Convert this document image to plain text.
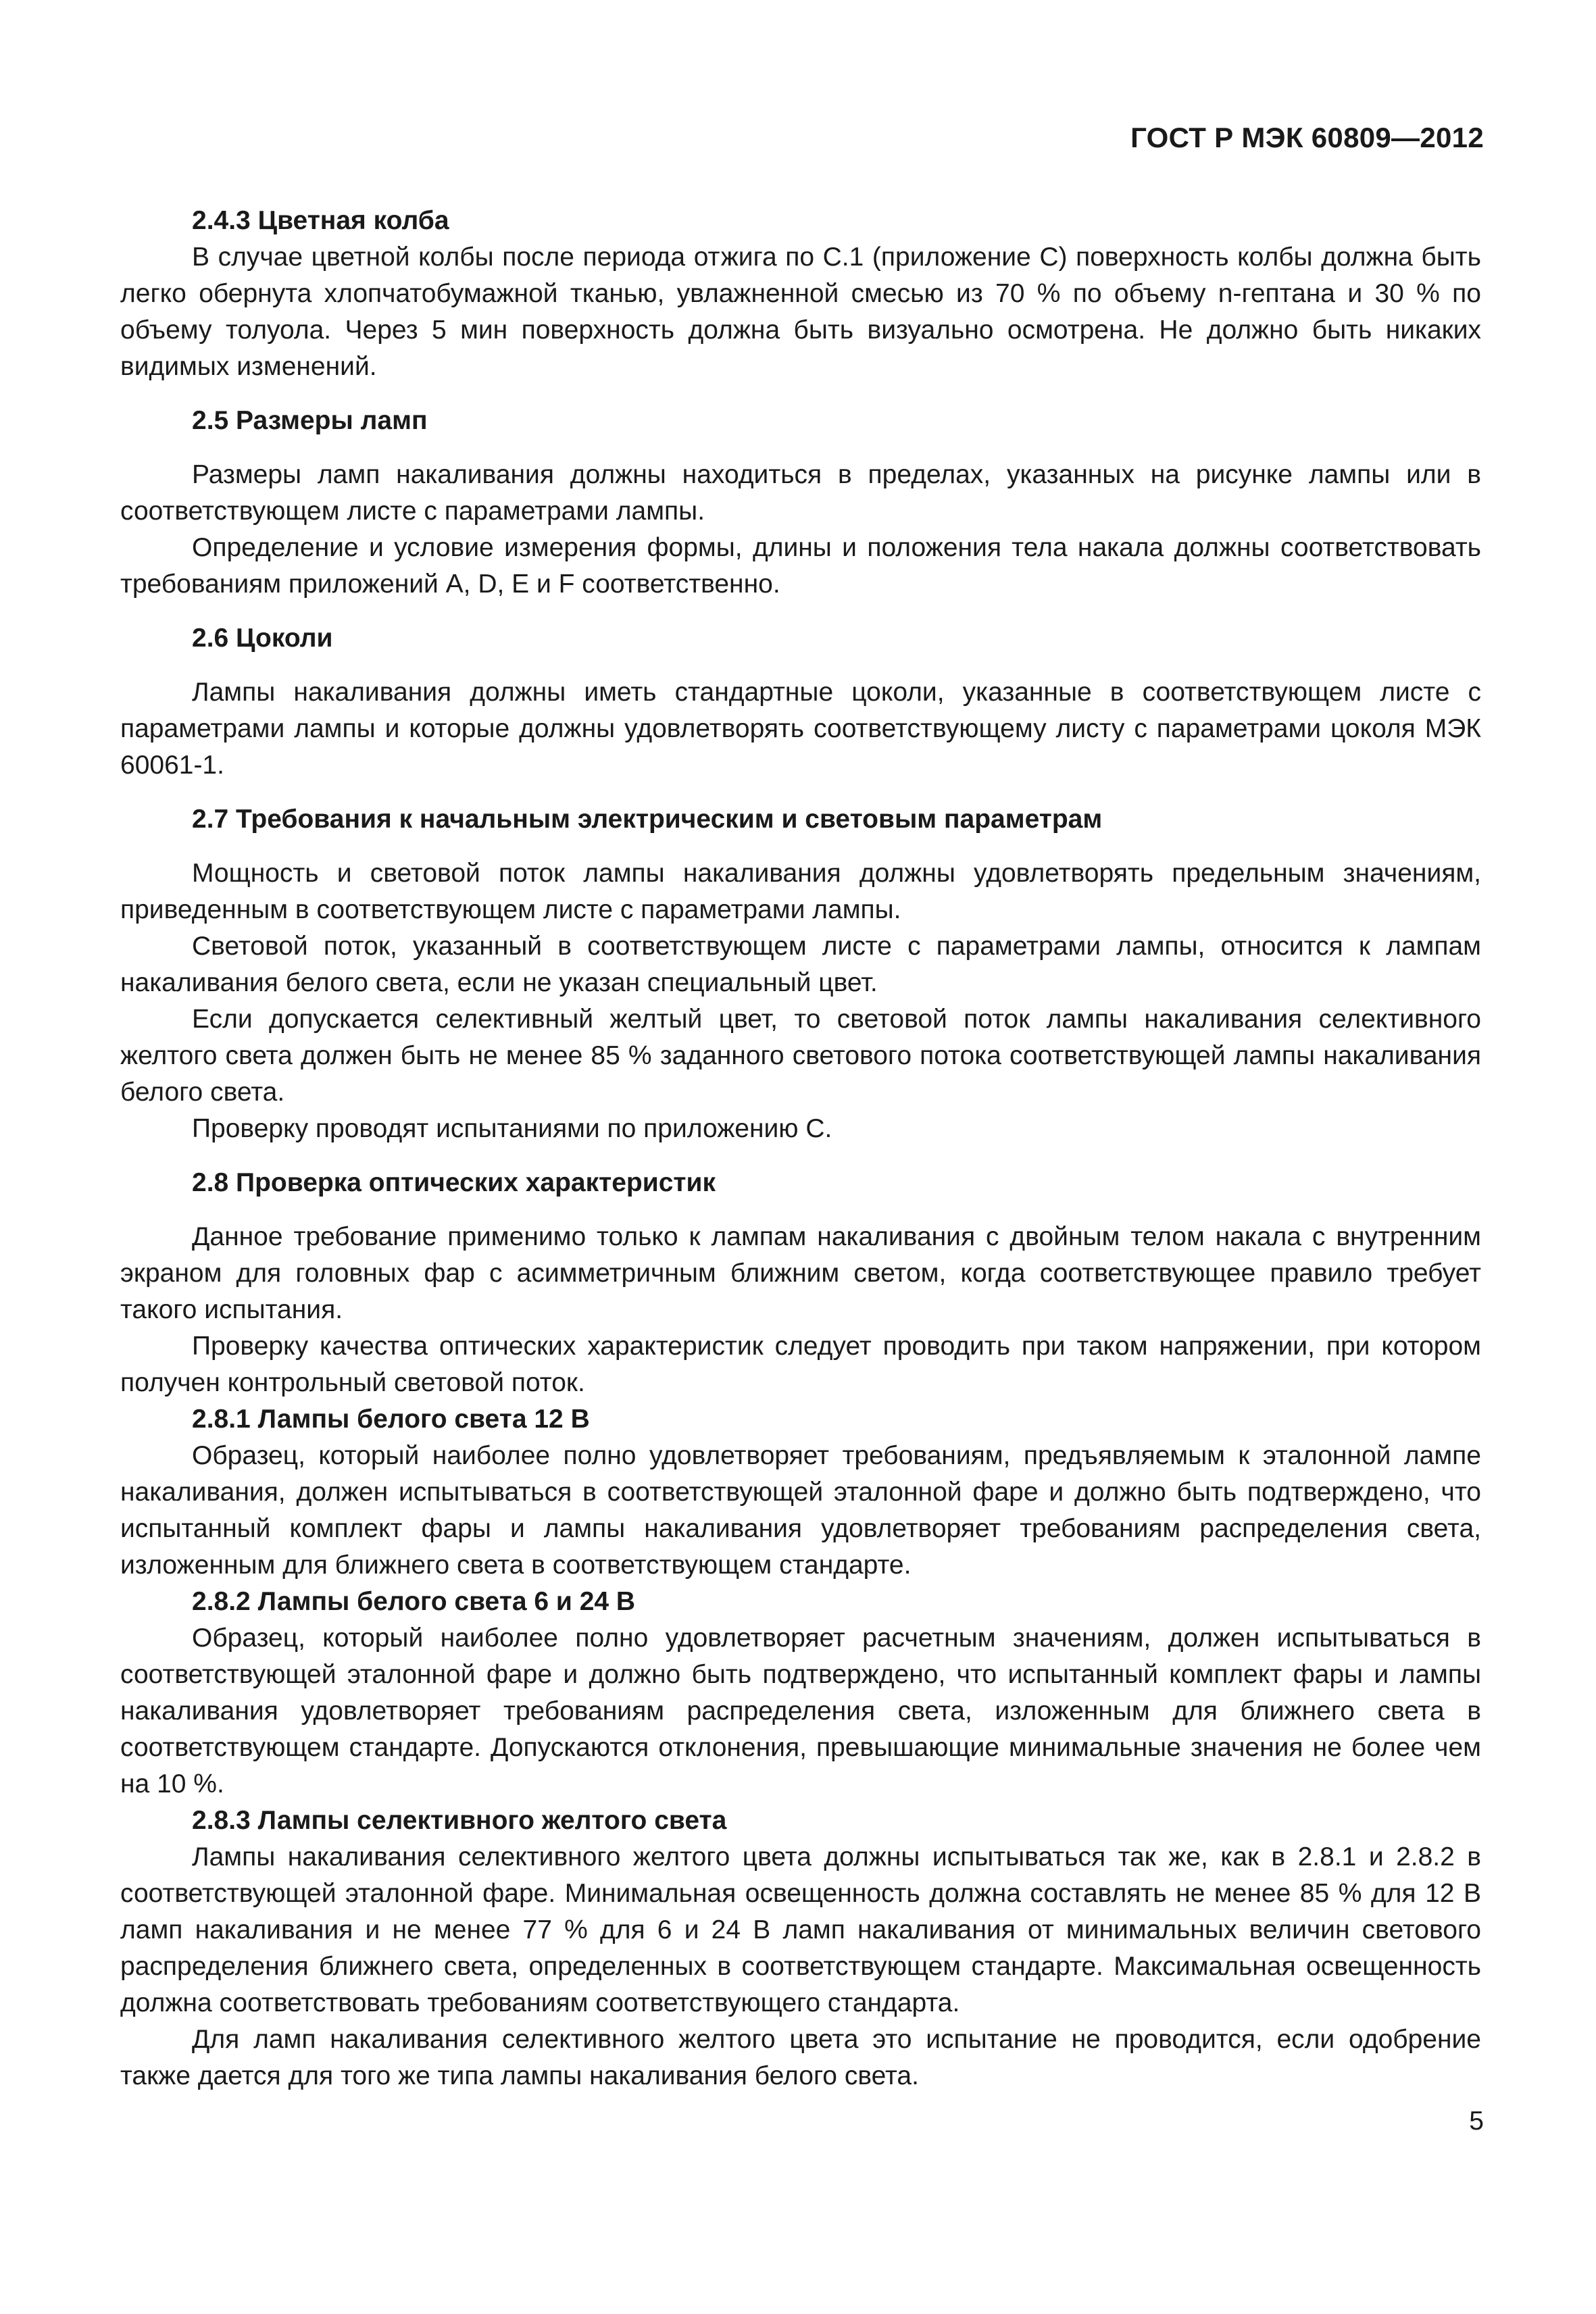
ГОСТ Р МЭК 60809—2012
2.4.3 Цветная колба

В случае цветной колбы после периода отжига по С.1 (приложение С) поверхность колбы должна быть легко обернута хлопчатобумажной тканью, увлажненной смесью из 70 % по объему n-гептана и 30 % по объему толуола. Через 5 мин поверхность должна быть визуально осмотрена. Не должно быть никаких видимых изменений.

2.5 Размеры ламп

Размеры ламп накаливания должны находиться в пределах, указанных на рисунке лампы или в соответствующем листе с параметрами лампы.

Определение и условие измерения формы, длины и положения тела накала должны соответствовать требованиям приложений A, D, E и F соответственно.

2.6 Цоколи

Лампы накаливания должны иметь стандартные цоколи, указанные в соответствующем листе с параметрами лампы и которые должны удовлетворять соответствующему листу с параметрами цоколя МЭК 60061-1.

2.7 Требования к начальным электрическим и световым параметрам

Мощность и световой поток лампы накаливания должны удовлетворять предельным значениям, приведенным в соответствующем листе с параметрами лампы.

Световой поток, указанный в соответствующем листе с параметрами лампы, относится к лампам накаливания белого света, если не указан специальный цвет.

Если допускается селективный желтый цвет, то световой поток лампы накаливания селективного желтого света должен быть не менее 85 % заданного светового потока соответствующей лампы накаливания белого света.

Проверку проводят испытаниями по приложению С.

2.8 Проверка оптических характеристик

Данное требование применимо только к лампам накаливания с двойным телом накала с внутренним экраном для головных фар с асимметричным ближним светом, когда соответствующее правило требует такого испытания.

Проверку качества оптических характеристик следует проводить при таком напряжении, при котором получен контрольный световой поток.

2.8.1 Лампы белого света 12 В

Образец, который наиболее полно удовлетворяет требованиям, предъявляемым к эталонной лампе накаливания, должен испытываться в соответствующей эталонной фаре и должно быть подтверждено, что испытанный комплект фары и лампы накаливания удовлетворяет требованиям распределения света, изложенным для ближнего света в соответствующем стандарте.

2.8.2 Лампы белого света 6 и 24 В

Образец, который наиболее полно удовлетворяет расчетным значениям, должен испытываться в соответствующей эталонной фаре и должно быть подтверждено, что испытанный комплект фары и лампы накаливания удовлетворяет требованиям распределения света, изложенным для ближнего света в соответствующем стандарте. Допускаются отклонения, превышающие минимальные значения не более чем на 10 %.

2.8.3 Лампы селективного желтого света

Лампы накаливания селективного желтого цвета должны испытываться так же, как в 2.8.1 и 2.8.2 в соответствующей эталонной фаре. Минимальная освещенность должна составлять не менее 85 % для 12 В ламп накаливания и не менее 77 % для 6 и 24 В ламп накаливания от минимальных величин светового распределения ближнего света, определенных в соответствующем стандарте. Максимальная освещенность должна соответствовать требованиям соответствующего стандарта.

Для ламп накаливания селективного желтого цвета это испытание не проводится, если одобрение также дается для того же типа лампы накаливания белого света.

5
